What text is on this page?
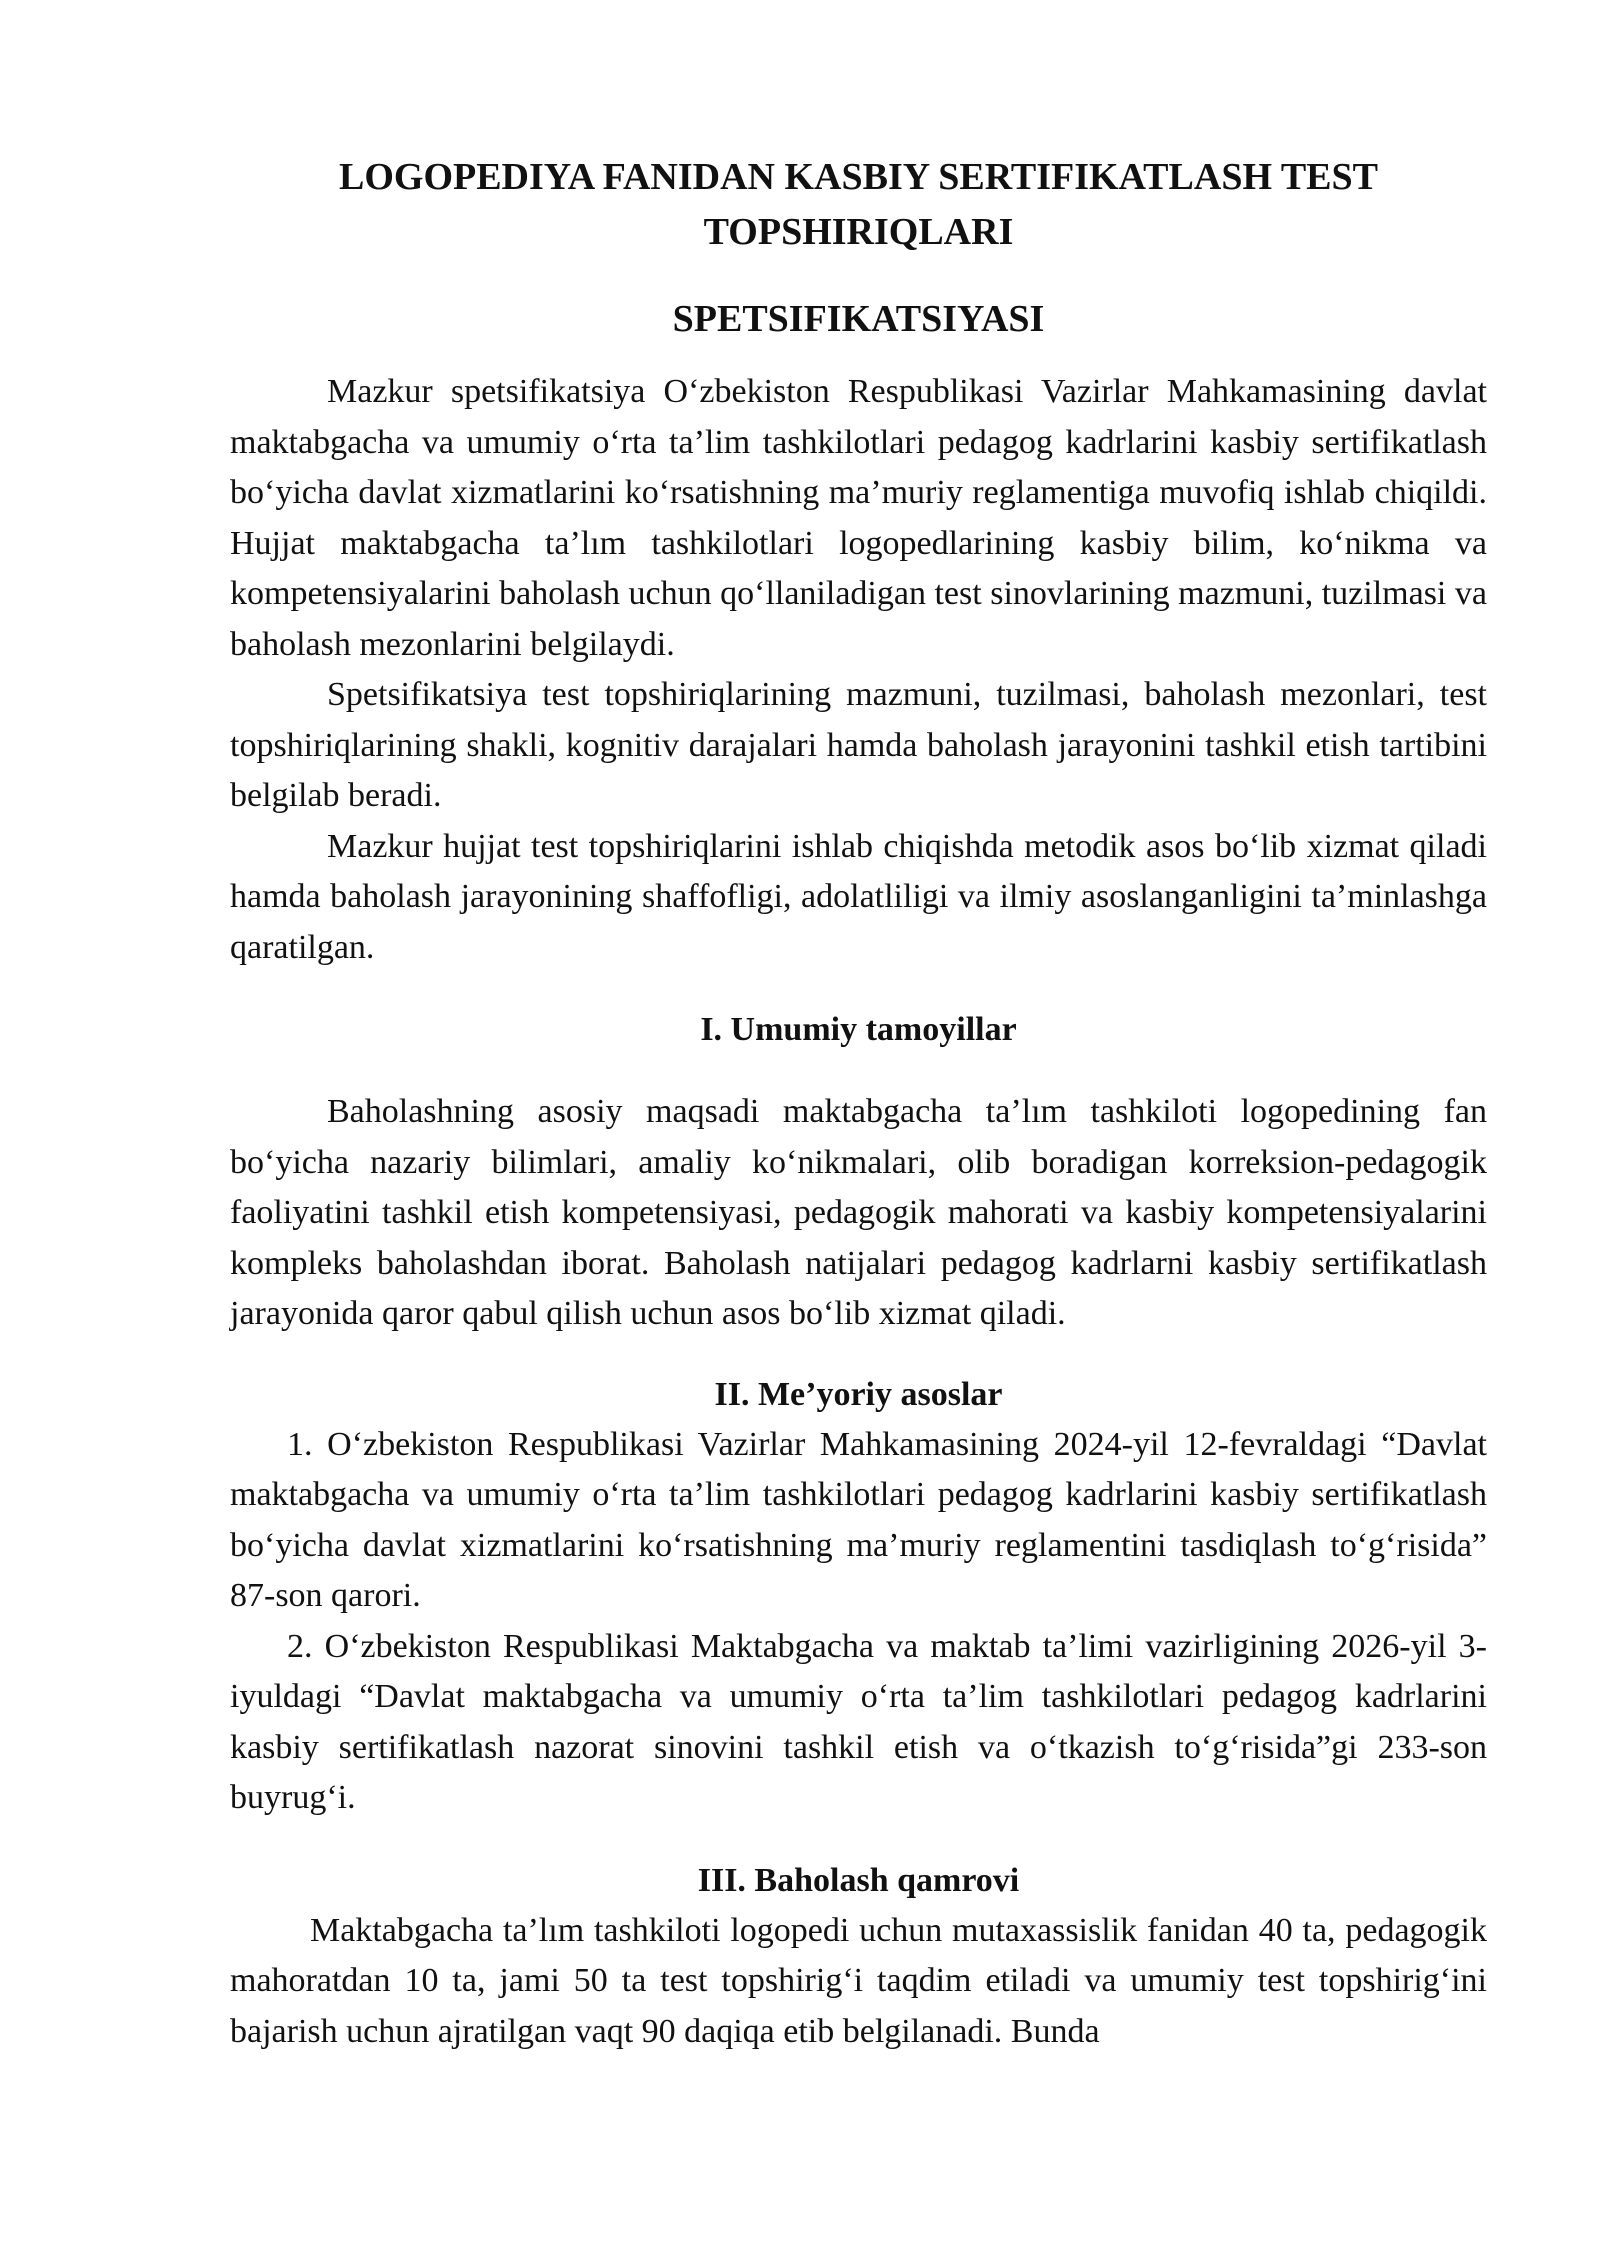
LOGOPEDIYA FANIDAN KASBIY SERTIFIKATLASH TEST
TOPSHIRIQLARI
SPETSIFIKATSIYASI

Mazkur spetsifikatsiya O‘zbekiston Respublikasi Vazirlar Mahkamasining davlat maktabgacha va umumiy o‘rta ta’lim tashkilotlari pedagog kadrlarini kasbiy sertifikatlash bo‘yicha davlat xizmatlarini ko‘rsatishning ma’muriy reglamentiga muvofiq ishlab chiqildi. Hujjat maktabgacha ta’lım tashkilotlari logopedlarining kasbiy bilim, ko‘nikma va kompetensiyalarini baholash uchun qo‘llaniladigan test sinovlarining mazmuni, tuzilmasi va baholash mezonlarini belgilaydi.

Spetsifikatsiya test topshiriqlarining mazmuni, tuzilmasi, baholash mezonlari, test topshiriqlarining shakli, kognitiv darajalari hamda baholash jarayonini tashkil etish tartibini belgilab beradi.

Mazkur hujjat test topshiriqlarini ishlab chiqishda metodik asos bo‘lib xizmat qiladi hamda baholash jarayonining shaffofligi, adolatliligi va ilmiy asoslanganligini ta’minlashga qaratilgan.

I. Umumiy tamoyillar

Baholashning asosiy maqsadi maktabgacha ta’lım tashkiloti logopedining fan bo‘yicha nazariy bilimlari, amaliy ko‘nikmalari, olib boradigan korreksion-pedagogik faoliyatini tashkil etish kompetensiyasi, pedagogik mahorati va kasbiy kompetensiyalarini kompleks baholashdan iborat. Baholash natijalari pedagog kadrlarni kasbiy sertifikatlash jarayonida qaror qabul qilish uchun asos bo‘lib xizmat qiladi.

II. Me’yoriy asoslar

1. O‘zbekiston Respublikasi Vazirlar Mahkamasining 2024-yil 12-fevraldagi “Davlat maktabgacha va umumiy o‘rta ta’lim tashkilotlari pedagog kadrlarini kasbiy sertifikatlash bo‘yicha davlat xizmatlarini ko‘rsatishning ma’muriy reglamentini tasdiqlash to‘g‘risida” 87-son qarori.

2. O‘zbekiston Respublikasi Maktabgacha va maktab ta’limi vazirligining 2026-yil 3-iyuldagi “Davlat maktabgacha va umumiy o‘rta ta’lim tashkilotlari pedagog kadrlarini kasbiy sertifikatlash nazorat sinovini tashkil etish va o‘tkazish to‘g‘risida”gi 233-son buyrug‘i.

III. Baholash qamrovi

Maktabgacha ta’lım tashkiloti logopedi uchun mutaxassislik fanidan 40 ta, pedagogik mahoratdan 10 ta, jami 50 ta test topshirig‘i taqdim etiladi va umumiy test topshirig‘ini bajarish uchun ajratilgan vaqt 90 daqiqa etib belgilanadi. Bunda
